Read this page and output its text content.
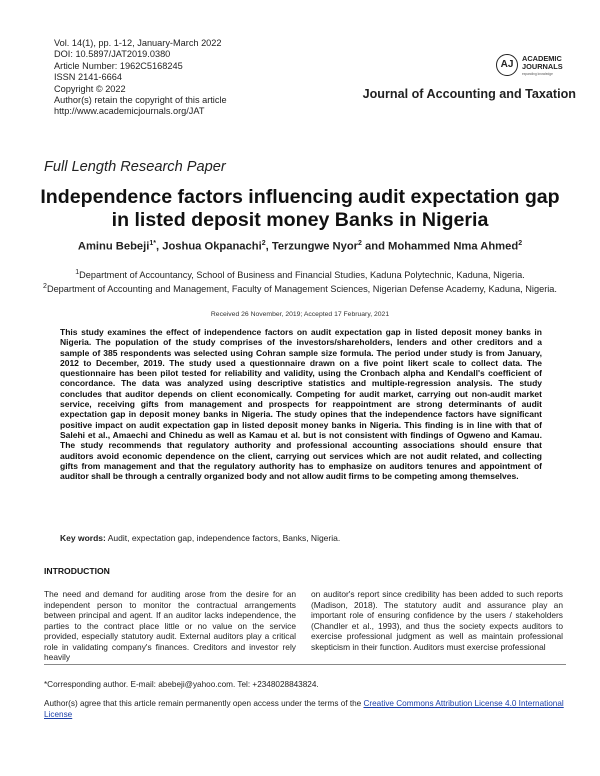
Vol. 14(1), pp. 1-12, January-March 2022
DOI: 10.5897/JAT2019.0380
Article Number: 1962C5168245
ISSN 2141-6664
Copyright © 2022
Author(s) retain the copyright of this article
http://www.academicjournals.org/JAT
AJ
ACADEMIC
JOURNALS
expanding knowledge
Journal of Accounting and Taxation
Full Length Research Paper
Independence factors influencing audit expectation gap
in listed deposit money Banks in Nigeria
Aminu Bebeji$^{1*}$, Joshua Okpanachi$^2$, Terzungwe Nyor$^2$ and Mohammed Nma Ahmed$^2$
$^1$Department of Accountancy, School of Business and Financial Studies, Kaduna Polytechnic, Kaduna, Nigeria.
$^2$Department of Accounting and Management, Faculty of Management Sciences, Nigerian Defense Academy, Kaduna, Nigeria.
Received 26 November, 2019; Accepted 17 February, 2021
This study examines the effect of independence factors on audit expectation gap in listed deposit money banks in Nigeria. The population of the study comprises of the investors/shareholders, lenders and other creditors and a sample of 385 respondents was selected using Cohran sample size formula. The period under study is from January, 2012 to December, 2019. The study used a questionnaire drawn on a five point likert scale to collect data. The questionnaire has been pilot tested for reliability and validity, using the Cronbach alpha and Kendall's coefficient of concordance. The data was analyzed using descriptive statistics and multiple-regression analysis. The study concludes that auditor depends on client economically. Competing for audit market, carrying out non-audit market service, receiving gifts from management and prospects for reappointment are strong determinants of audit expectation gap in deposit money banks in Nigeria. The study opines that the independence factors have significant positive impact on audit expectation gap in listed deposit money banks in Nigeria. This finding is in line with that of Salehi et al., Amaechi and Chinedu as well as Kamau et al. but is not consistent with findings of Ogweno and Kamau. The study recommends that regulatory authority and professional accounting associations should ensure that auditors avoid economic dependence on the client, carrying out services which are not audit related, and collecting gifts from management and that the regulatory authority has to emphasize on auditors tenures and appointment of auditor shall be through a centrally organized body and not allow audit firms to be competing among themselves.
Key words: Audit, expectation gap, independence factors, Banks, Nigeria.
INTRODUCTION
The need and demand for auditing arose from the desire for an independent person to monitor the contractual arrangements between principal and agent. If an auditor lacks independence, the parties to the contract place little or no value on the service provided, especially statutory audit. External auditors play a critical role in validating company's finances. Creditors and investor rely heavily
on auditor's report since credibility has been added to such reports (Madison, 2018). The statutory audit and assurance play an important role of ensuring confidence by the users / stakeholders (Chandler et al., 1993), and thus the society expects auditors to exercise professional judgment as well as maintain professional skepticism in their function. Auditors must exercise professional
*Corresponding author. E-mail: abebeji@yahoo.com. Tel: +2348028843824.
Author(s) agree that this article remain permanently open access under the terms of the Creative Commons Attribution License 4.0 International License
